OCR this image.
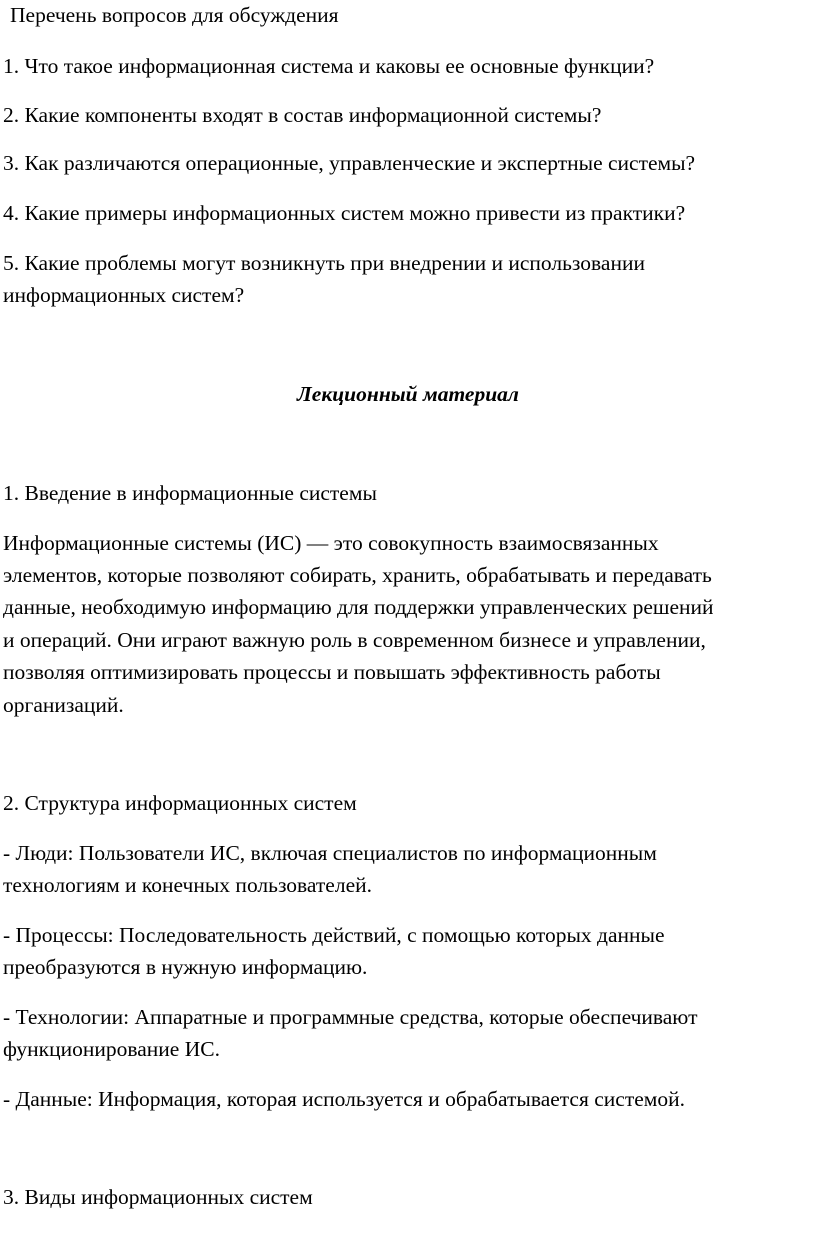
Перечень вопросов для обсуждения
1. Что такое информационная система и каковы ее основные функции?
2. Какие компоненты входят в состав информационной системы?
3. Как различаются операционные, управленческие и экспертные системы?
4. Какие примеры информационных систем можно привести из практики?
5. Какие проблемы могут возникнуть при внедрении и использовании
информационных систем?
Лекционный материал
1. Введение в информационные системы
Информационные системы (ИС) — это совокупность взаимосвязанных
элементов, которые позволяют собирать, хранить, обрабатывать и передавать
данные, необходимую информацию для поддержки управленческих решений
и операций. Они играют важную роль в современном бизнесе и управлении,
позволяя оптимизировать процессы и повышать эффективность работы
организаций.
2. Структура информационных систем
- Люди: Пользователи ИС, включая специалистов по информационным
технологиям и конечных пользователей.
- Процессы: Последовательность действий, с помощью которых данные
преобразуются в нужную информацию.
- Технологии: Аппаратные и программные средства, которые обеспечивают
функционирование ИС.
- Данные: Информация, которая используется и обрабатывается системой.
3. Виды информационных систем
